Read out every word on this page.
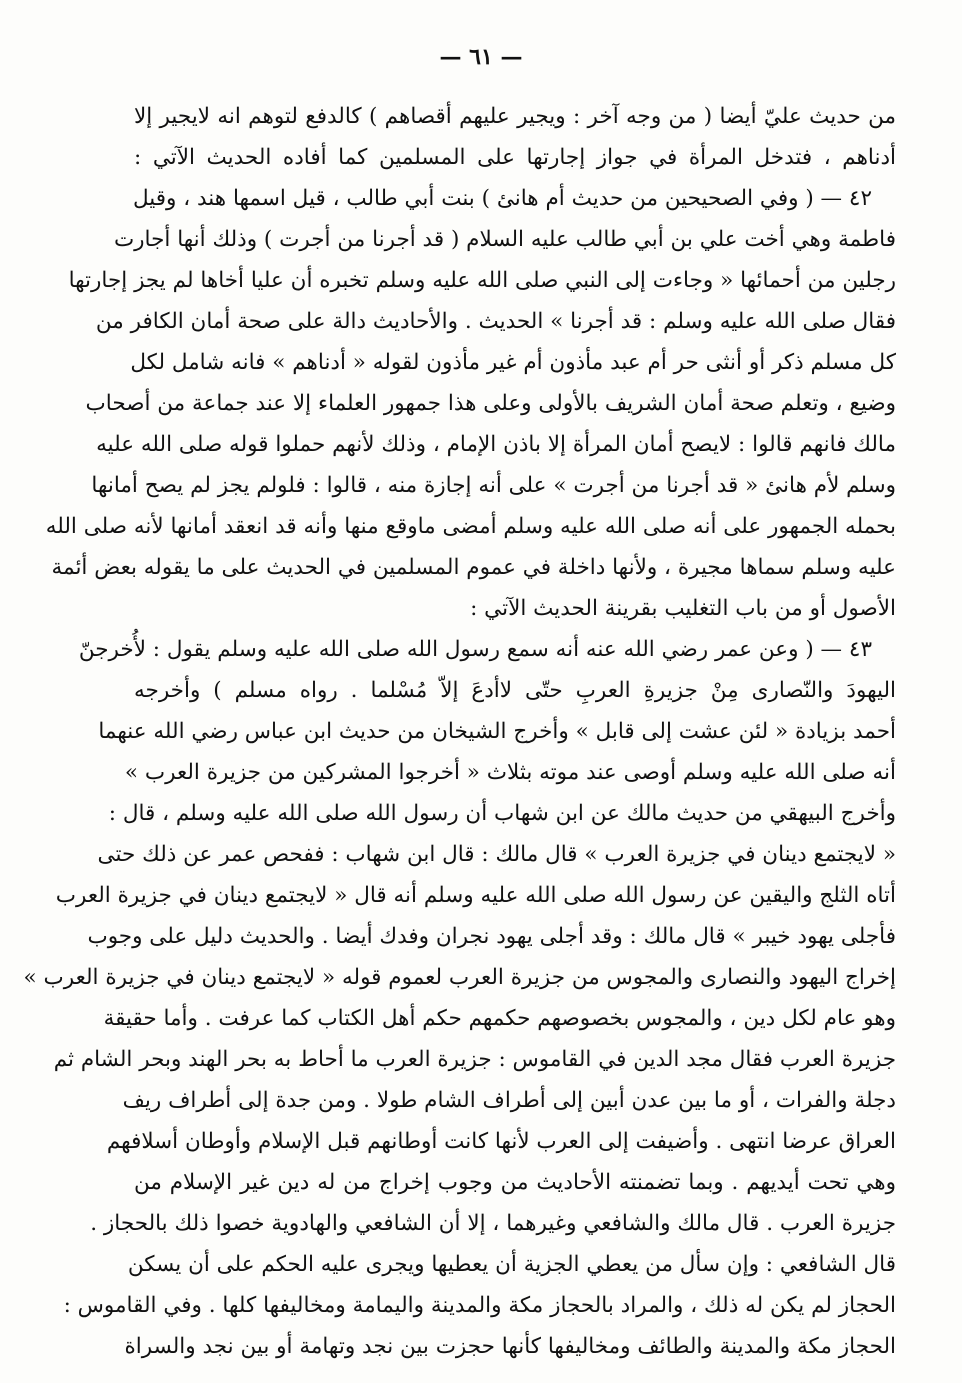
— ٦١ —
من حديث عليّ أيضا ( من وجه آخر : ويجير عليهم أقصاهم ) كالدفع لتوهم انه لايجير إلا
أدناهم ، فتدخل المرأة في جواز إجارتها على المسلمين كما أفاده الحديث الآتي :
٤٢ — ( وفي الصحيحين من حديث أم هانئ ) بنت أبي طالب ، قيل اسمها هند ، وقيل
فاطمة وهي أخت علي بن أبي طالب عليه السلام ( قد أجرنا من أجرت ) وذلك أنها أجارت
رجلين من أحمائها « وجاءت إلى النبي صلى الله عليه وسلم تخبره أن عليا أخاها لم يجز إجارتها
فقال صلى الله عليه وسلم : قد أجرنا » الحديث . والأحاديث دالة على صحة أمان الكافر من
كل مسلم ذكر أو أنثى حر أم عبد مأذون أم غير مأذون لقوله « أدناهم » فانه شامل لكل
وضيع ، وتعلم صحة أمان الشريف بالأولى وعلى هذا جمهور العلماء إلا عند جماعة من أصحاب
مالك فانهم قالوا : لايصح أمان المرأة إلا باذن الإمام ، وذلك لأنهم حملوا قوله صلى الله عليه
وسلم لأم هانئ « قد أجرنا من أجرت » على أنه إجازة منه ، قالوا : فلولم يجز لم يصح أمانها
بحمله الجمهور على أنه صلى الله عليه وسلم أمضى ماوقع منها وأنه قد انعقد أمانها لأنه صلى الله
عليه وسلم سماها مجيرة ، ولأنها داخلة في عموم المسلمين في الحديث على ما يقوله بعض أئمة
الأصول أو من باب التغليب بقرينة الحديث الآتي :
٤٣ — ( وعن عمر رضي الله عنه أنه سمع رسول الله صلى الله عليه وسلم يقول : لأُخرجنّ
اليهودَ والنّصارى مِنْ جزيرةِ العربِ حتّى لاأدعَ إلاّ مُسْلما . رواه مسلم ) وأخرجه
أحمد بزيادة « لئن عشت إلى قابل » وأخرج الشيخان من حديث ابن عباس رضي الله عنهما
أنه صلى الله عليه وسلم أوصى عند موته بثلاث « أخرجوا المشركين من جزيرة العرب »
وأخرج البيهقي من حديث مالك عن ابن شهاب أن رسول الله صلى الله عليه وسلم ، قال :
« لايجتمع دينان في جزيرة العرب » قال مالك : قال ابن شهاب : ففحص عمر عن ذلك حتى
أتاه الثلج واليقين عن رسول الله صلى الله عليه وسلم أنه قال « لايجتمع دينان في جزيرة العرب
فأجلى يهود خيبر » قال مالك : وقد أجلى يهود نجران وفدك أيضا . والحديث دليل على وجوب
إخراج اليهود والنصارى والمجوس من جزيرة العرب لعموم قوله « لايجتمع دينان في جزيرة العرب »
وهو عام لكل دين ، والمجوس بخصوصهم حكمهم حكم أهل الكتاب كما عرفت . وأما حقيقة
جزيرة العرب فقال مجد الدين في القاموس : جزيرة العرب ما أحاط به بحر الهند وبحر الشام ثم
دجلة والفرات ، أو ما بين عدن أبين إلى أطراف الشام طولا . ومن جدة إلى أطراف ريف
العراق عرضا انتهى . وأضيفت إلى العرب لأنها كانت أوطانهم قبل الإسلام وأوطان أسلافهم
وهي تحت أيديهم . وبما تضمنته الأحاديث من وجوب إخراج من له دين غير الإسلام من
جزيرة العرب . قال مالك والشافعي وغيرهما ، إلا أن الشافعي والهادوية خصوا ذلك بالحجاز .
قال الشافعي : وإن سأل من يعطي الجزية أن يعطيها ويجرى عليه الحكم على أن يسكن
الحجاز لم يكن له ذلك ، والمراد بالحجاز مكة والمدينة واليمامة ومخاليفها كلها . وفي القاموس :
الحجاز مكة والمدينة والطائف ومخاليفها كأنها حجزت بين نجد وتهامة أو بين نجد والسراة
